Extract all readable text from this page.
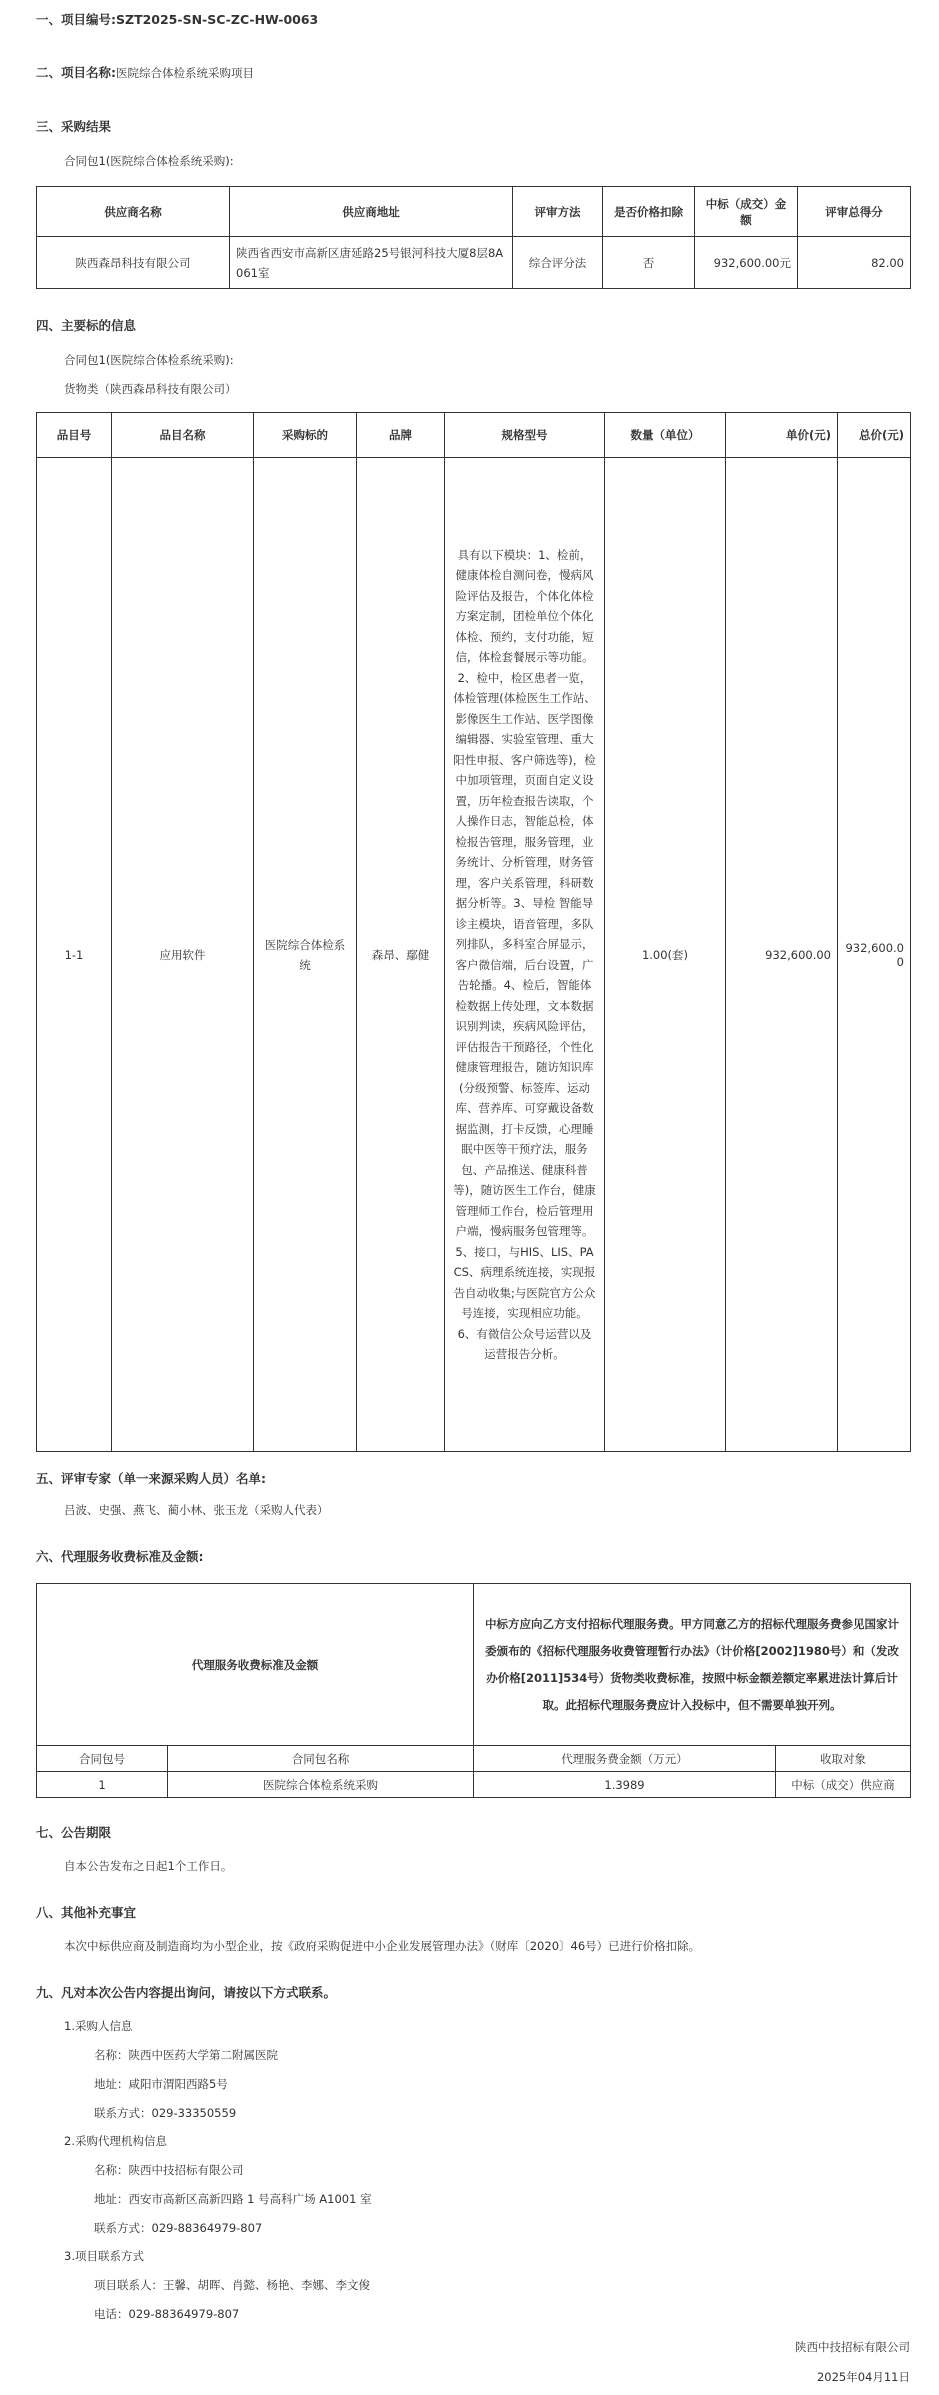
一、项目编号:SZT2025-SN-SC-ZC-HW-0063
二、项目名称:医院综合体检系统采购项目
三、采购结果
合同包1(医院综合体检系统采购):
供应商名称	供应商地址	评审方法	是否价格扣除	中标（成交）金额	评审总得分
陕西森昂科技有限公司	陕西省西安市高新区唐延路25号银河科技大厦8层8A061室	综合评分法	否	932,600.00元	82.00
四、主要标的信息
合同包1(医院综合体检系统采购):
货物类（陕西森昂科技有限公司）
品目号	品目名称	采购标的	品牌	规格型号	数量（单位）	单价(元)	总价(元)
1-1	应用软件	医院综合体检系统	森昂、鄢健	具有以下模块：1、检前，健康体检自测问卷，慢病风险评估及报告，个体化体检方案定制，团检单位个体化体检、预约，支付功能，短信，体检套餐展示等功能。2、检中，检区患者一览，体检管理(体检医生工作站、影像医生工作站、医学图像编辑器、实验室管理、重大阳性申报、客户筛选等)，检中加项管理，页面自定义设置，历年检查报告读取，个人操作日志，智能总检，体检报告管理，服务管理，业务统计、分析管理，财务管理，客户关系管理，科研数据分析等。3、导检 智能导诊主模块，语音管理，多队列排队，多科室合屏显示，客户微信端，后台设置，广告轮播。4、检后，智能体检数据上传处理，文本数据识别判读，疾病风险评估，评估报告干预路径，个性化健康管理报告，随访知识库(分级预警、标签库、运动库、营养库、可穿戴设备数据监测，打卡反馈，心理睡眠中医等干预疗法，服务包、产品推送、健康科普等)，随访医生工作台，健康管理师工作台，检后管理用户端，慢病服务包管理等。5、接口，与HIS、LIS、PACS、病理系统连接，实现报告自动收集;与医院官方公众号连接，实现相应功能。6、有微信公众号运营以及运营报告分析。	1.00(套)	932,600.00	932,600.00
五、评审专家（单一来源采购人员）名单:
吕波、史强、燕飞、蔺小林、张玉龙（采购人代表）
六、代理服务收费标准及金额:
代理服务收费标准及金额		中标方应向乙方支付招标代理服务费。甲方同意乙方的招标代理服务费参见国家计委颁布的《招标代理服务收费管理暂行办法》（计价格[2002]1980号）和（发改办价格[2011]534号）货物类收费标准，按照中标金额差额定率累进法计算后计取。此招标代理服务费应计入投标中，但不需要单独开列。	
合同包号	合同包名称	代理服务费金额（万元）	收取对象
1	医院综合体检系统采购	1.3989	中标（成交）供应商
七、公告期限
自本公告发布之日起1个工作日。
八、其他补充事宜
本次中标供应商及制造商均为小型企业，按《政府采购促进中小企业发展管理办法》（财库〔2020〕46号）已进行价格扣除。
九、凡对本次公告内容提出询问，请按以下方式联系。
1.采购人信息
名称：陕西中医药大学第二附属医院
地址：咸阳市渭阳西路5号
联系方式：029-33350559
2.采购代理机构信息
名称：陕西中技招标有限公司
地址：西安市高新区高新四路 1 号高科广场 A1001 室
联系方式：029-88364979-807
3.项目联系方式
项目联系人：王馨、胡晖、肖懿、杨艳、李娜、李文俊
电话：029-88364979-807
陕西中技招标有限公司
2025年04月11日
